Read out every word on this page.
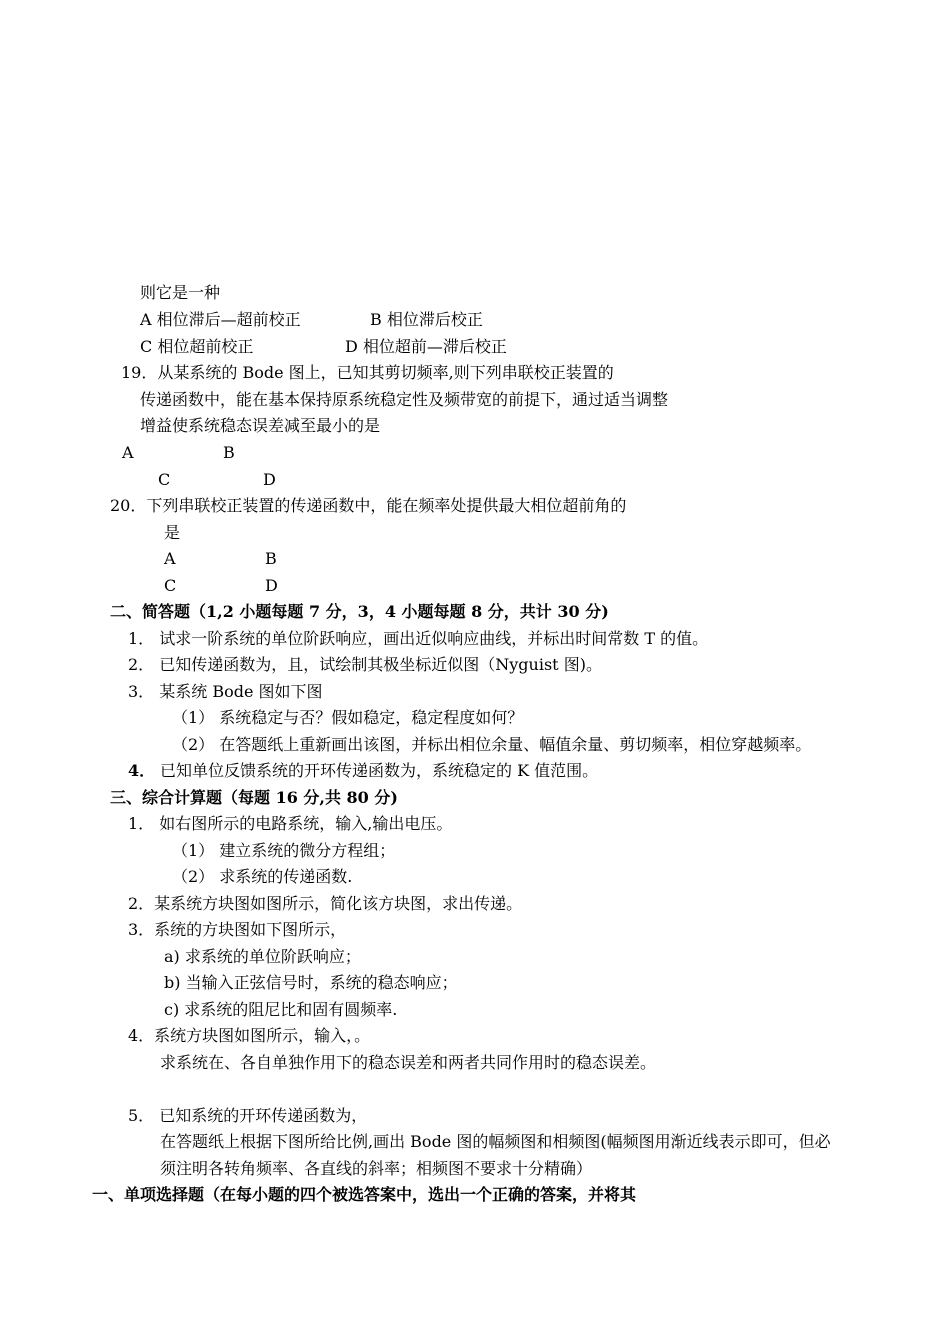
则它是一种
A 相位滞后—超前校正	B 相位滞后校正
C 相位超前校正	D 相位超前—滞后校正
19．从某系统的 Bode 图上，已知其剪切频率,则下列串联校正装置的
传递函数中，能在基本保持原系统稳定性及频带宽的前提下，通过适当调整
增益使系统稳态误差减至最小的是
A	B
C	D
20．下列串联校正装置的传递函数中，能在频率处提供最大相位超前角的
是
A	B
C	D
二、简答题（1,2 小题每题 7 分，3，4 小题每题 8 分，共计 30 分)
1． 试求一阶系统的单位阶跃响应，画出近似响应曲线，并标出时间常数 T 的值。
2． 已知传递函数为，且，试绘制其极坐标近似图（Nyguist 图)。
3． 某系统 Bode 图如下图
（1） 系统稳定与否？假如稳定，稳定程度如何？
（2） 在答题纸上重新画出该图，并标出相位余量、幅值余量、剪切频率，相位穿越频率。
4． 已知单位反馈系统的开环传递函数为，系统稳定的 K 值范围。
三、综合计算题（每题 16 分,共 80 分)
1． 如右图所示的电路系统，输入,输出电压。
（1） 建立系统的微分方程组；
（2） 求系统的传递函数.
2．某系统方块图如图所示，简化该方块图，求出传递。
3．系统的方块图如下图所示，
a) 求系统的单位阶跃响应；
b) 当输入正弦信号时，系统的稳态响应；
c) 求系统的阻尼比和固有圆频率.
4．系统方块图如图所示，输入，。
求系统在、各自单独作用下的稳态误差和两者共同作用时的稳态误差。
5． 已知系统的开环传递函数为，
在答题纸上根据下图所给比例,画出 Bode 图的幅频图和相频图(幅频图用渐近线表示即可，但必
须注明各转角频率、各直线的斜率；相频图不要求十分精确）
一、单项选择题（在每小题的四个被选答案中，选出一个正确的答案，并将其
